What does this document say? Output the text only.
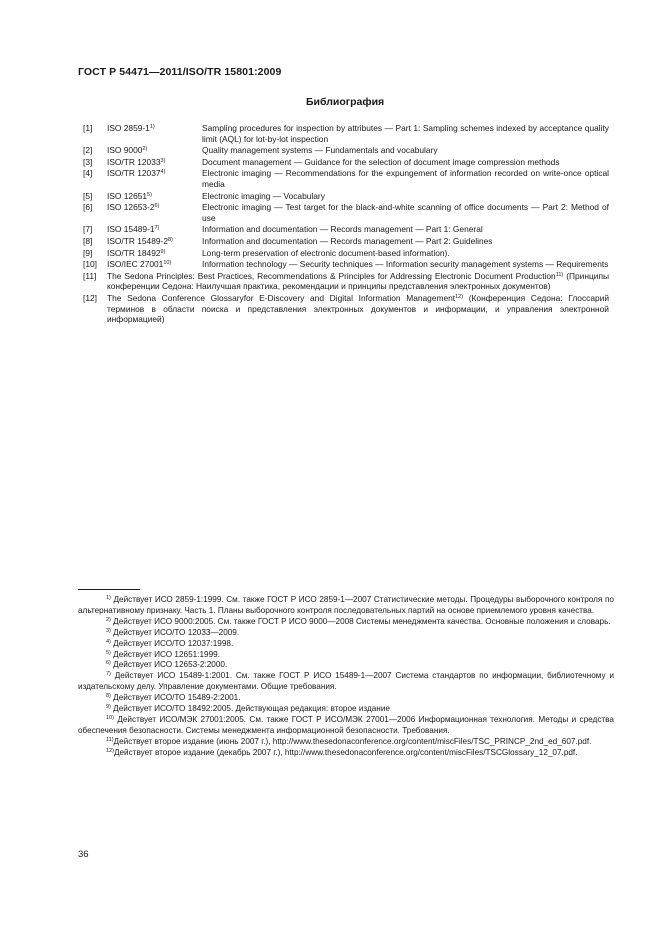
ГОСТ Р 54471—2011/ISO/TR 15801:2009
Библиография
[1]	ISO 2859-1$^{1)}$	Sampling procedures for inspection by attributes — Part 1: Sampling schemes indexed by acceptance quality limit (AQL) for lot-by-lot inspection
[2]	ISO 9000$^{2)}$	Quality management systems — Fundamentals and vocabulary
[3]	ISO/TR 12033$^{3)}$	Document management — Guidance for the selection of document image compression methods
[4]	ISO/TR 12037$^{4)}$	Electronic imaging — Recommendations for the expungement of information recorded on write-once optical media
[5]	ISO 12651$^{5)}$	Electronic imaging — Vocabulary
[6]	ISO 12653-2$^{6)}$	Electronic imaging — Test target for the black-and-white scanning of office documents — Part 2: Method of use
[7]	ISO 15489-1$^{7)}$	Information and documentation — Records management — Part 1: General
[8]	ISO/TR 15489-2$^{8)}$	Information and documentation — Records management — Part 2: Guidelines
[9]	ISO/TR 18492$^{9)}$	Long-term preservation of electronic document-based information).
[10]	ISO/IEC 27001$^{10)}$	Information technology — Security techniques — Information security management systems — Requirements
[11]	The Sedona Principles: Best Practices, Recommendations & Principles for Addressing Electronic Document Production$^{11)}$ (Принципы конференции Седона: Наилучшая практика, рекомендации и принципы представления электронных документов)
[12]	The Sedona Conference Glossaryfor E-Discovery and Digital Information Management$^{12)}$ (Конференция Седона: Глоссарий терминов в области поиска и представления электронных документов и информации, и управления электронной информацией)
$^{1)}$ Действует ИСО 2859-1:1999. См. также ГОСТ Р ИСО 2859-1—2007 Статистические методы. Процедуры выборочного контроля по альтернативному признаку. Часть 1. Планы выборочного контроля последовательных партий на основе приемлемого уровня качества.
$^{2)}$ Действует ИСО 9000:2005. См. также ГОСТ Р ИСО 9000—2008 Системы менеджмента качества. Основные положения и словарь.
$^{3)}$ Действует ИСО/ТО 12033—2009.
$^{4)}$ Действует ИСО/ТО 12037:1998.
$^{5)}$ Действует ИСО 12651:1999.
$^{6)}$ Действует ИСО 12653-2:2000.
$^{7)}$ Действует ИСО 15489-1:2001. См. также ГОСТ Р ИСО 15489-1—2007 Система стандартов по информации, библиотечному и издательскому делу. Управление документами. Общие требования.
$^{8)}$ Действует ИСО/ТО 15489-2:2001.
$^{9)}$ Действует ИСО/ТО 18492:2005. Действующая редакция: второе издание
$^{10)}$ Действует ИСО/МЭК 27001:2005. См. также ГОСТ Р ИСО/МЭК 27001—2006 Информационная технология. Методы и средства обеспечения безопасности. Системы менеджмента информационной безопасности. Требования.
$^{11)}$Действует второе издание (июнь 2007 г.), http://www.thesedonaconference.org/content/miscFiles/TSC_PRINCP_2nd_ed_607.pdf.
$^{12)}$Действует второе издание (декабрь 2007 г.), http://www.thesedonaconference.org/content/miscFiles/TSCGlossary_12_07.pdf.
36
